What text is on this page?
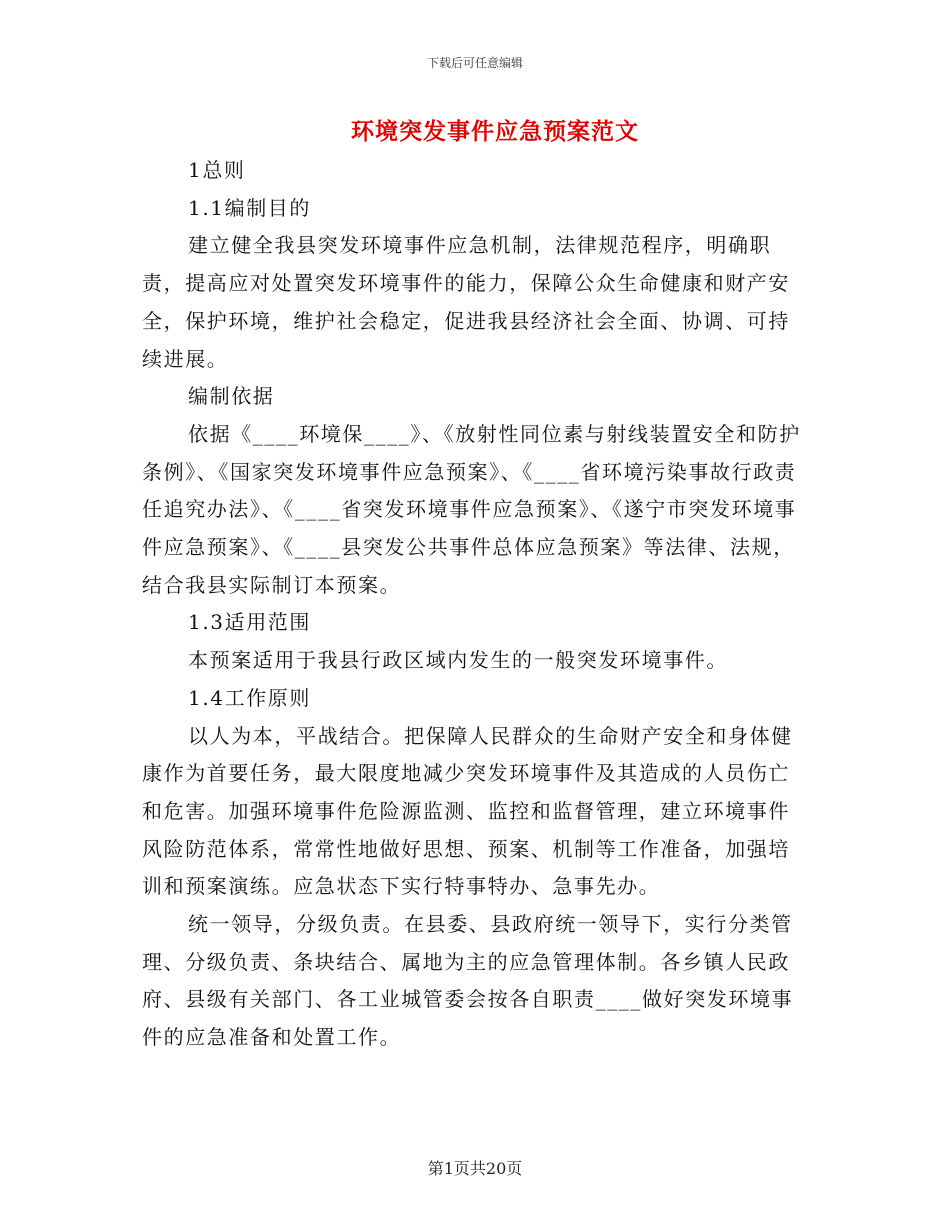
下载后可任意编辑
环境突发事件应急预案范文

1总则

1.1编制目的

建立健全我县突发环境事件应急机制，法律规范程序，明确职责，提高应对处置突发环境事件的能力，保障公众生命健康和财产安全，保护环境，维护社会稳定，促进我县经济社会全面、协调、可持续进展。

编制依据

依据《____环境保____》、《放射性同位素与射线装置安全和防护条例》、《国家突发环境事件应急预案》、《____省环境污染事故行政责任追究办法》、《____省突发环境事件应急预案》、《遂宁市突发环境事件应急预案》、《____县突发公共事件总体应急预案》等法律、法规，结合我县实际制订本预案。

1.3适用范围

本预案适用于我县行政区域内发生的一般突发环境事件。

1.4工作原则

以人为本，平战结合。把保障人民群众的生命财产安全和身体健康作为首要任务，最大限度地减少突发环境事件及其造成的人员伤亡和危害。加强环境事件危险源监测、监控和监督管理，建立环境事件风险防范体系，常常性地做好思想、预案、机制等工作准备，加强培训和预案演练。应急状态下实行特事特办、急事先办。

统一领导，分级负责。在县委、县政府统一领导下，实行分类管理、分级负责、条块结合、属地为主的应急管理体制。各乡镇人民政府、县级有关部门、各工业城管委会按各自职责____做好突发环境事件的应急准备和处置工作。

第1页共20页
